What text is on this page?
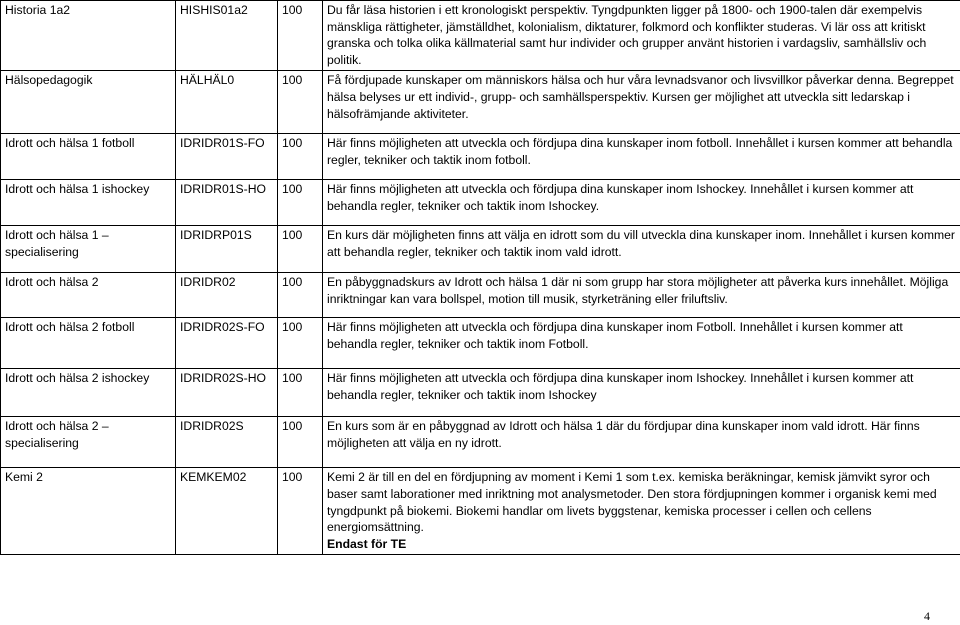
Historia 1a2	HISHIS01a2	100	Du får läsa historien i ett kronologiskt perspektiv. Tyngdpunkten ligger på 1800- och 1900-talen där exempelvis mänskliga rättigheter, jämställdhet, kolonialism, diktaturer, folkmord och konflikter studeras. Vi lär oss att kritiskt granska och tolka olika källmaterial samt hur individer och grupper använt historien i vardagsliv, samhällsliv och politik.
Hälsopedagogik	HÄLHÄL0	100	Få fördjupade kunskaper om människors hälsa och hur våra levnadsvanor och livsvillkor påverkar denna. Begreppet hälsa belyses ur ett individ-, grupp- och samhällsperspektiv. Kursen ger möjlighet att utveckla sitt ledarskap i hälsofrämjande aktiviteter.
Idrott och hälsa 1 fotboll	IDRIDR01S-FO	100	Här finns möjligheten att utveckla och fördjupa dina kunskaper inom fotboll. Innehållet i kursen kommer att behandla regler, tekniker och taktik inom fotboll.
Idrott och hälsa 1 ishockey	IDRIDR01S-HO	100	Här finns möjligheten att utveckla och fördjupa dina kunskaper inom Ishockey. Innehållet i kursen kommer att behandla regler, tekniker och taktik inom Ishockey.
Idrott och hälsa 1 – specialisering	IDRIDRP01S	100	En kurs där möjligheten finns att välja en idrott som du vill utveckla dina kunskaper inom. Innehållet i kursen kommer att behandla regler, tekniker och taktik inom vald idrott.
Idrott och hälsa 2	IDRIDR02	100	En påbyggnadskurs av Idrott och hälsa 1 där ni som grupp har stora möjligheter att påverka kurs innehållet. Möjliga inriktningar kan vara bollspel, motion till musik, styrketräning eller friluftsliv.
Idrott och hälsa 2 fotboll	IDRIDR02S-FO	100	Här finns möjligheten att utveckla och fördjupa dina kunskaper inom Fotboll. Innehållet i kursen kommer att behandla regler, tekniker och taktik inom Fotboll.
Idrott och hälsa 2 ishockey	IDRIDR02S-HO	100	Här finns möjligheten att utveckla och fördjupa dina kunskaper inom Ishockey. Innehållet i kursen kommer att behandla regler, tekniker och taktik inom Ishockey
Idrott och hälsa 2 – specialisering	IDRIDR02S	100	En kurs som är en påbyggnad av Idrott och hälsa 1 där du fördjupar dina kunskaper inom vald idrott. Här finns möjligheten att välja en ny idrott.
Kemi 2	KEMKEM02	100	Kemi 2 är till en del en fördjupning av moment i Kemi 1 som t.ex. kemiska beräkningar, kemisk jämvikt syror och baser samt laborationer med inriktning mot analysmetoder. Den stora fördjupningen kommer i organisk kemi med tyngdpunkt på biokemi. Biokemi handlar om livets byggstenar, kemiska processer i cellen och cellens energiomsättning.
Endast för TE
4
